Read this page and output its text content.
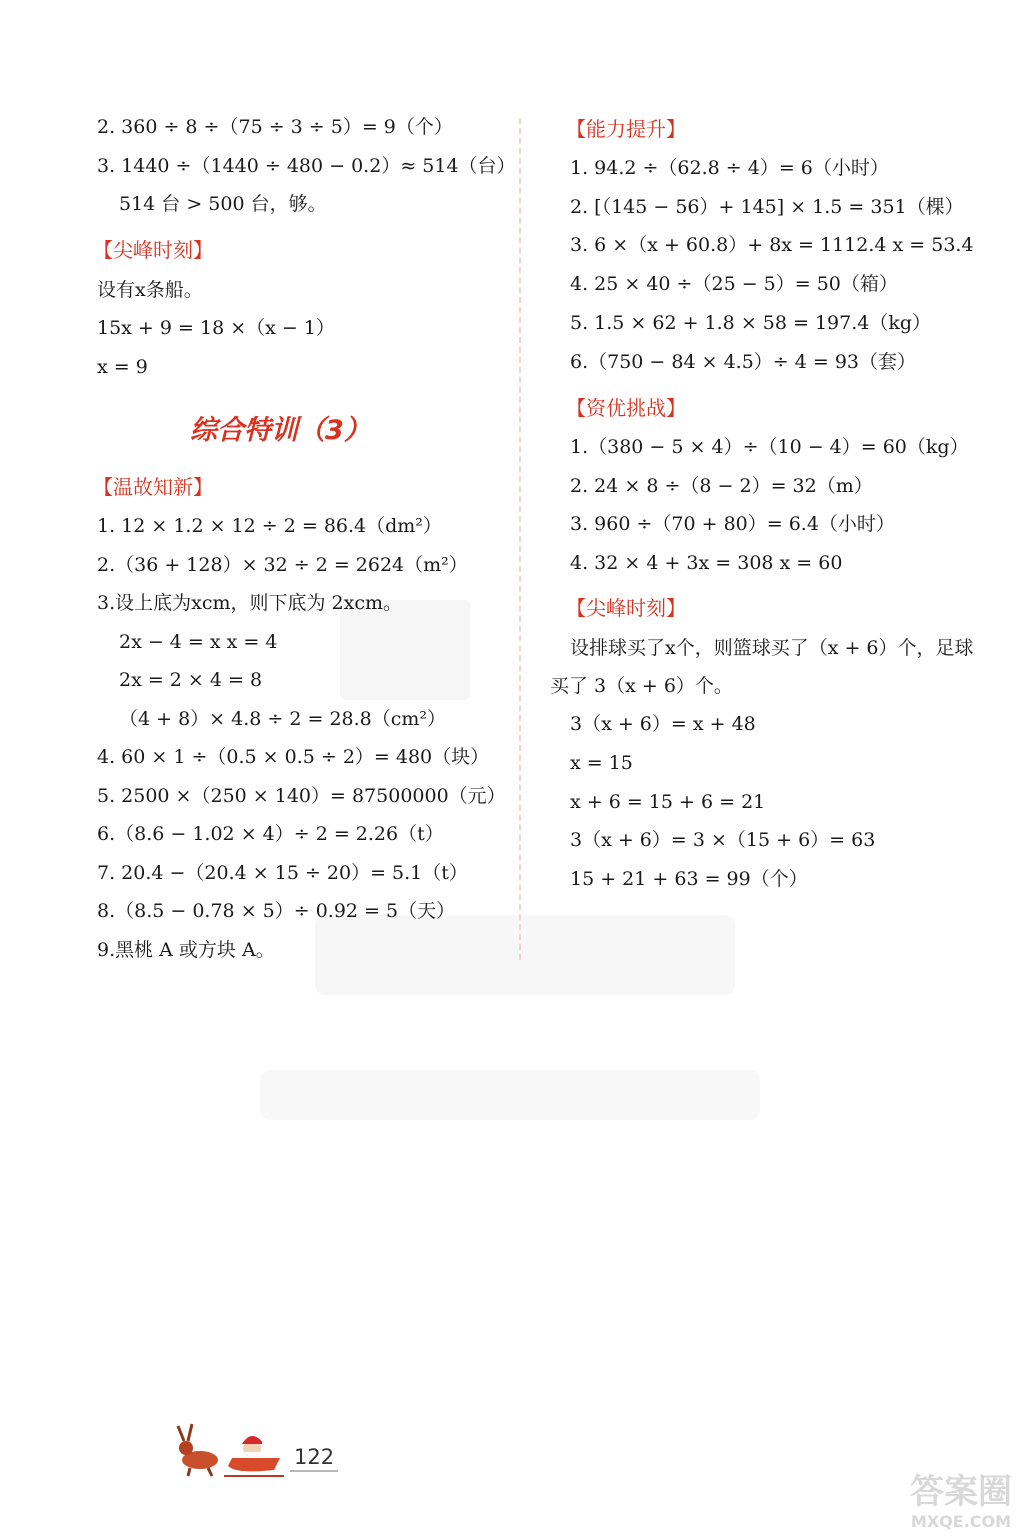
2. 360 ÷ 8 ÷（75 ÷ 3 ÷ 5）= 9（个）
3. 1440 ÷（1440 ÷ 480 − 0.2）≈ 514（台）
514 台 > 500 台，够。
【尖峰时刻】
设有x条船。
15x + 9 = 18 ×（x − 1）
x = 9
【温故知新】
1. 12 × 1.2 × 12 ÷ 2 = 86.4（dm²）
2.（36 + 128）× 32 ÷ 2 = 2624（m²）
3.设上底为xcm，则下底为 2xcm。
2x − 4 = x x = 4
2x = 2 × 4 = 8
（4 + 8）× 4.8 ÷ 2 = 28.8（cm²）
4. 60 × 1 ÷（0.5 × 0.5 ÷ 2）= 480（块）
5. 2500 ×（250 × 140）= 87500000（元）
6.（8.6 − 1.02 × 4）÷ 2 = 2.26（t）
7. 20.4 −（20.4 × 15 ÷ 20）= 5.1（t）
8.（8.5 − 0.78 × 5）÷ 0.92 = 5（天）
9.黑桃 A 或方块 A。
综合特训（3）
【能力提升】
1. 94.2 ÷（62.8 ÷ 4）= 6（小时）
2. [（145 − 56）+ 145] × 1.5 = 351（棵）
3. 6 ×（x + 60.8）+ 8x = 1112.4 x = 53.4
4. 25 × 40 ÷（25 − 5）= 50（箱）
5. 1.5 × 62 + 1.8 × 58 = 197.4（kg）
6.（750 − 84 × 4.5）÷ 4 = 93（套）
【资优挑战】
1.（380 − 5 × 4）÷（10 − 4）= 60（kg）
2. 24 × 8 ÷（8 − 2）= 32（m）
3. 960 ÷（70 + 80）= 6.4（小时）
4. 32 × 4 + 3x = 308 x = 60
【尖峰时刻】
设排球买了x个，则篮球买了（x + 6）个，足球
买了 3（x + 6）个。
3（x + 6）= x + 48
x = 15
x + 6 = 15 + 6 = 21
3（x + 6）= 3 ×（15 + 6）= 63
15 + 21 + 63 = 99（个）
122
答案圈
MXQE.COM
